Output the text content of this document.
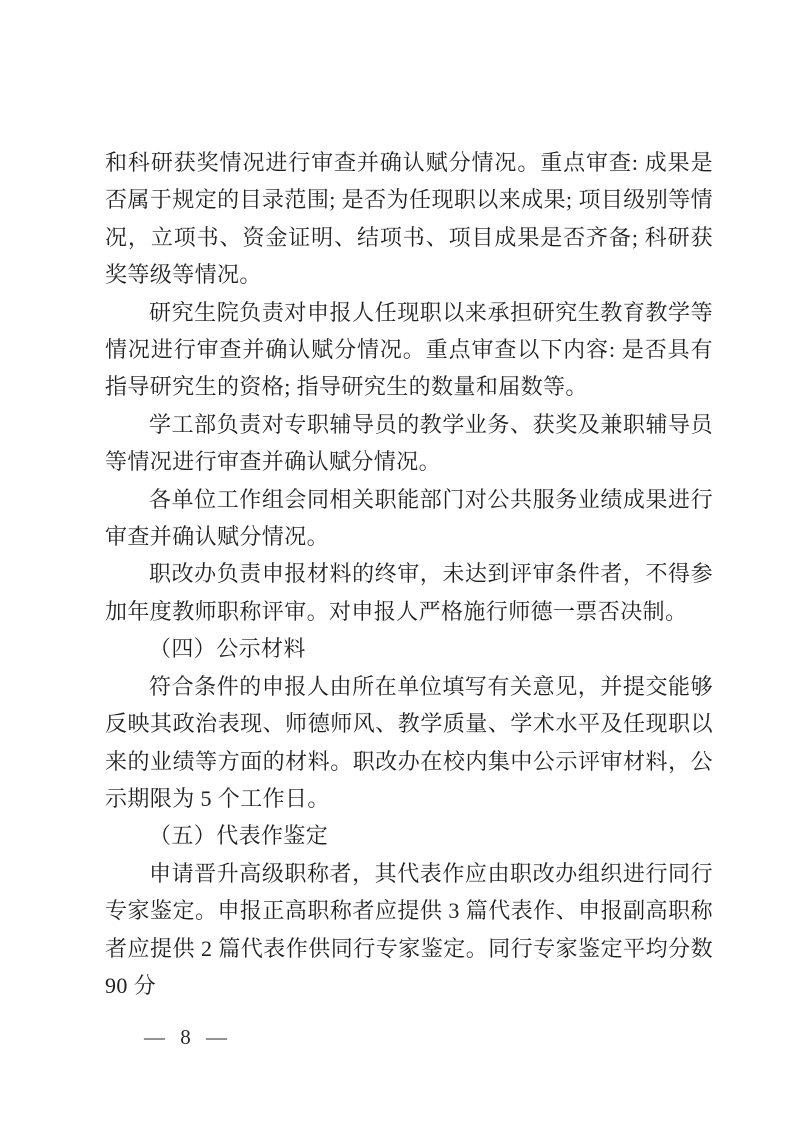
和科研获奖情况进行审查并确认赋分情况。重点审查: 成果是否属于规定的目录范围; 是否为任现职以来成果; 项目级别等情况，立项书、资金证明、结项书、项目成果是否齐备; 科研获奖等级等情况。

研究生院负责对申报人任现职以来承担研究生教育教学等情况进行审查并确认赋分情况。重点审查以下内容: 是否具有指导研究生的资格; 指导研究生的数量和届数等。

学工部负责对专职辅导员的教学业务、获奖及兼职辅导员等情况进行审查并确认赋分情况。

各单位工作组会同相关职能部门对公共服务业绩成果进行审查并确认赋分情况。

职改办负责申报材料的终审，未达到评审条件者，不得参加年度教师职称评审。对申报人严格施行师德一票否决制。

（四）公示材料

符合条件的申报人由所在单位填写有关意见，并提交能够反映其政治表现、师德师风、教学质量、学术水平及任现职以来的业绩等方面的材料。职改办在校内集中公示评审材料，公示期限为 5 个工作日。

（五）代表作鉴定

申请晋升高级职称者，其代表作应由职改办组织进行同行专家鉴定。申报正高职称者应提供 3 篇代表作、申报副高职称者应提供 2 篇代表作供同行专家鉴定。同行专家鉴定平均分数 90 分

— 8 —
